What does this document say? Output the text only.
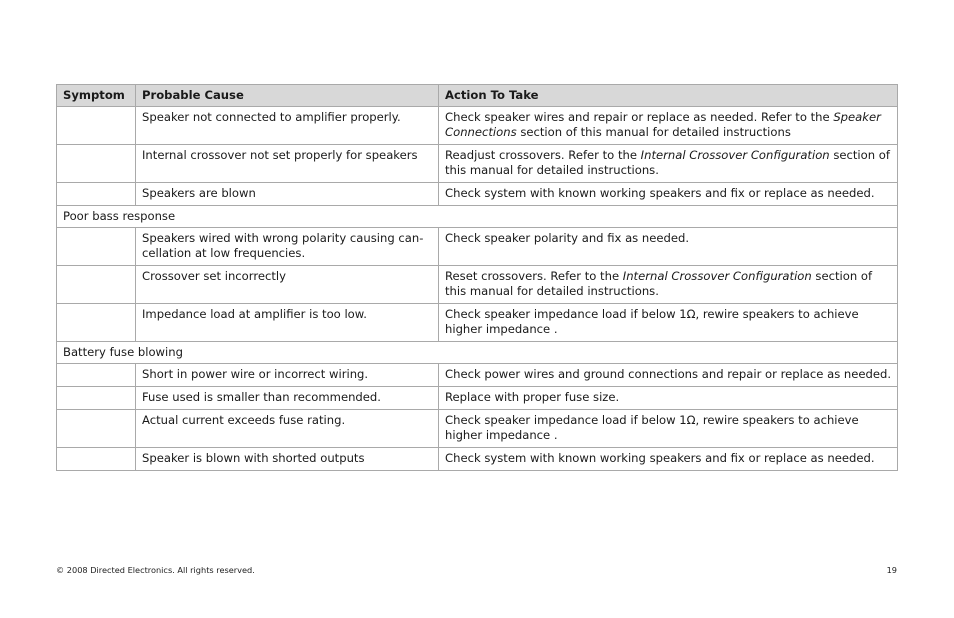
Symptom	Probable Cause	Action To Take
	Speaker not connected to amplifier properly.	Check speaker wires and repair or replace as needed. Refer to the Speaker Connections section of this manual for detailed instructions
	Internal crossover not set properly for speakers	Readjust crossovers. Refer to the Internal Crossover Configuration section of this manual for detailed instructions.
	Speakers are blown	Check system with known working speakers and fix or replace as needed.
Poor bass response		
	Speakers wired with wrong polarity causing can-cellation at low frequencies.	Check speaker polarity and fix as needed.
	Crossover set incorrectly	Reset crossovers. Refer to the Internal Crossover Configuration section of this manual for detailed instructions.
	Impedance load at amplifier is too low.	Check speaker impedance load if below 1Ω, rewire speakers to achieve higher impedance .
Battery fuse blowing		
	Short in power wire or incorrect wiring.	Check power wires and ground connections and repair or replace as needed.
	Fuse used is smaller than recommended.	Replace with proper fuse size.
	Actual current exceeds fuse rating.	Check speaker impedance load if below 1Ω, rewire speakers to achieve higher impedance .
	Speaker is blown with shorted outputs	Check system with known working speakers and fix or replace as needed.
© 2008 Directed Electronics. All rights reserved.	19
